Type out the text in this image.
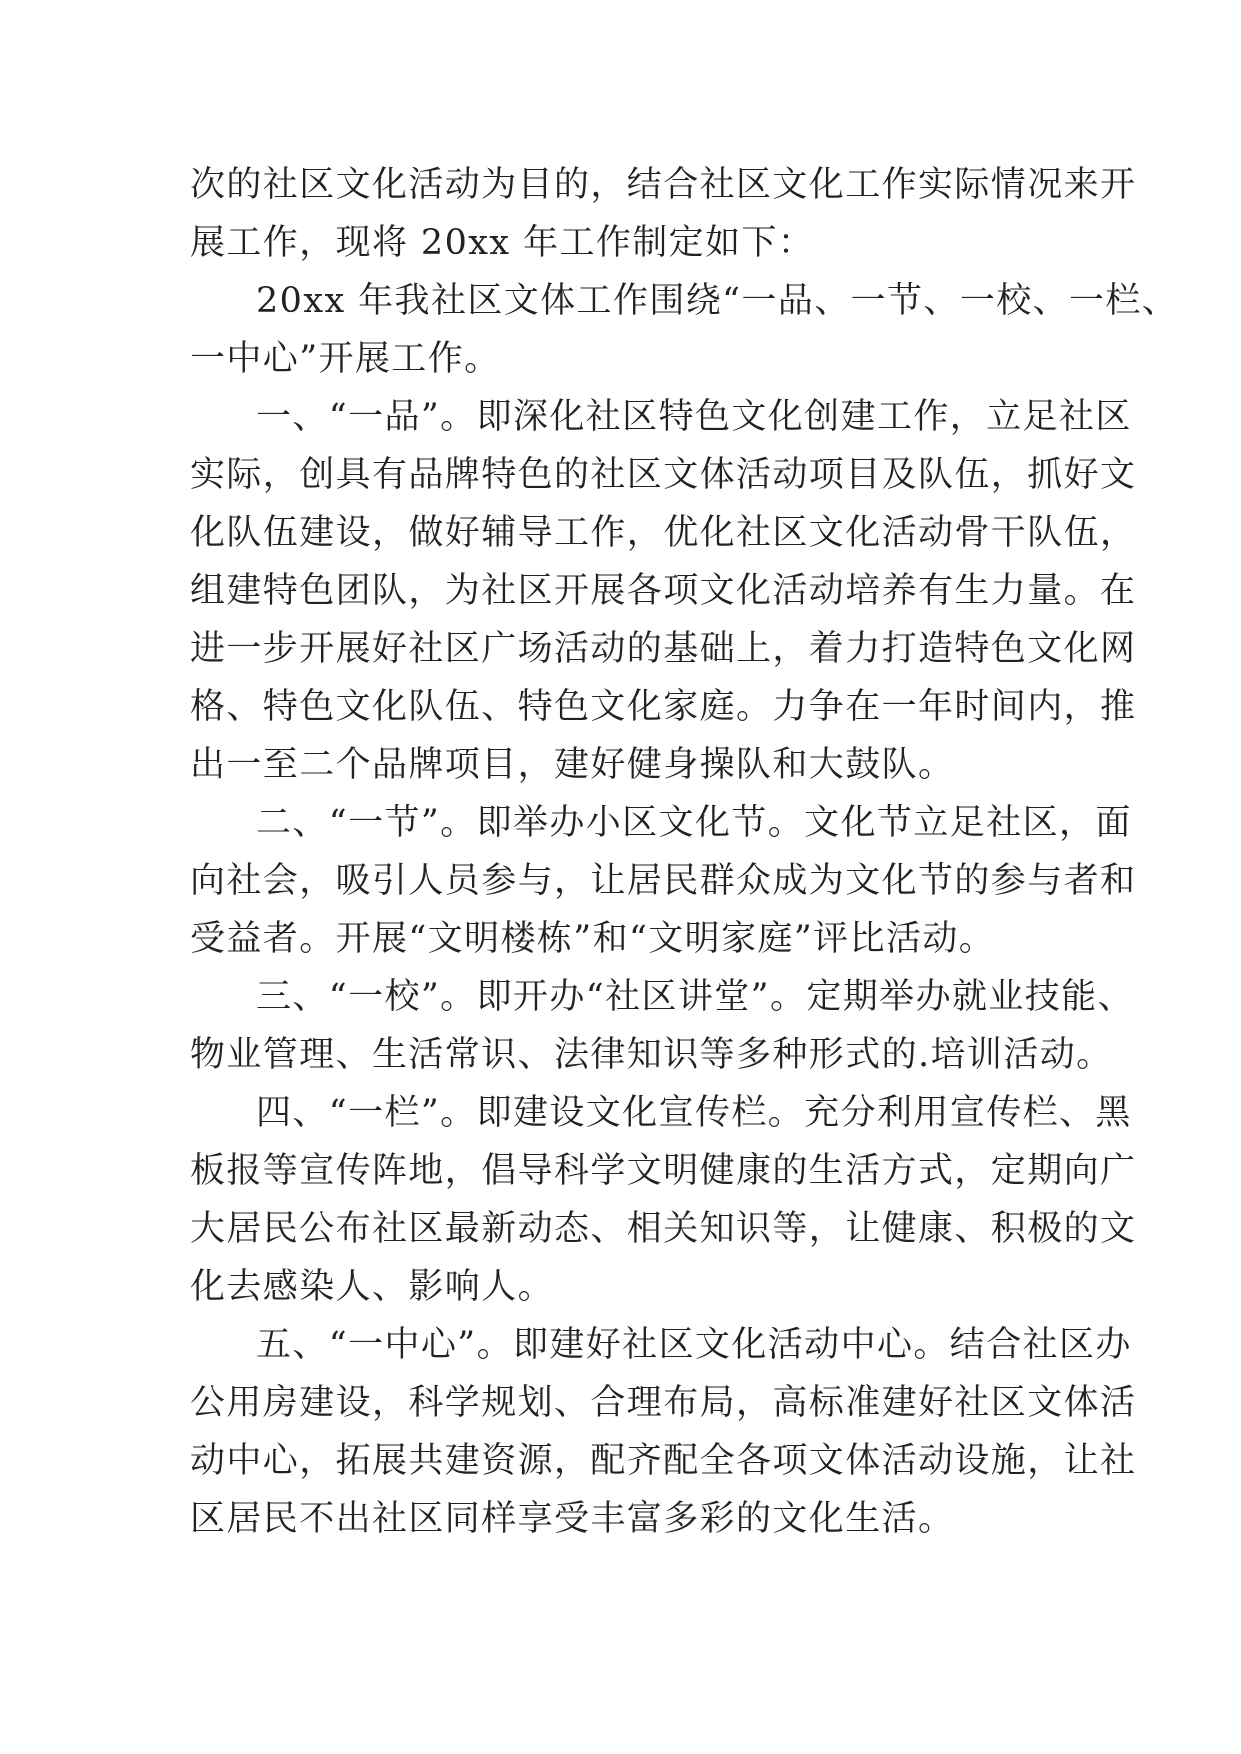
次的社区文化活动为目的，结合社区文化工作实际情况来开

展工作，现将 20xx 年工作制定如下：

20xx 年我社区文体工作围绕“一品、一节、一校、一栏、

一中心”开展工作。

一、“一品”。即深化社区特色文化创建工作，立足社区

实际，创具有品牌特色的社区文体活动项目及队伍，抓好文

化队伍建设，做好辅导工作，优化社区文化活动骨干队伍，

组建特色团队，为社区开展各项文化活动培养有生力量。在

进一步开展好社区广场活动的基础上，着力打造特色文化网

格、特色文化队伍、特色文化家庭。力争在一年时间内，推

出一至二个品牌项目，建好健身操队和大鼓队。

二、“一节”。即举办小区文化节。文化节立足社区，面

向社会，吸引人员参与，让居民群众成为文化节的参与者和

受益者。开展“文明楼栋”和“文明家庭”评比活动。

三、“一校”。即开办“社区讲堂”。定期举办就业技能、

物业管理、生活常识、法律知识等多种形式的.培训活动。

四、“一栏”。即建设文化宣传栏。充分利用宣传栏、黑

板报等宣传阵地，倡导科学文明健康的生活方式，定期向广

大居民公布社区最新动态、相关知识等，让健康、积极的文

化去感染人、影响人。

五、“一中心”。即建好社区文化活动中心。结合社区办

公用房建设，科学规划、合理布局，高标准建好社区文体活

动中心，拓展共建资源，配齐配全各项文体活动设施，让社

区居民不出社区同样享受丰富多彩的文化生活。
